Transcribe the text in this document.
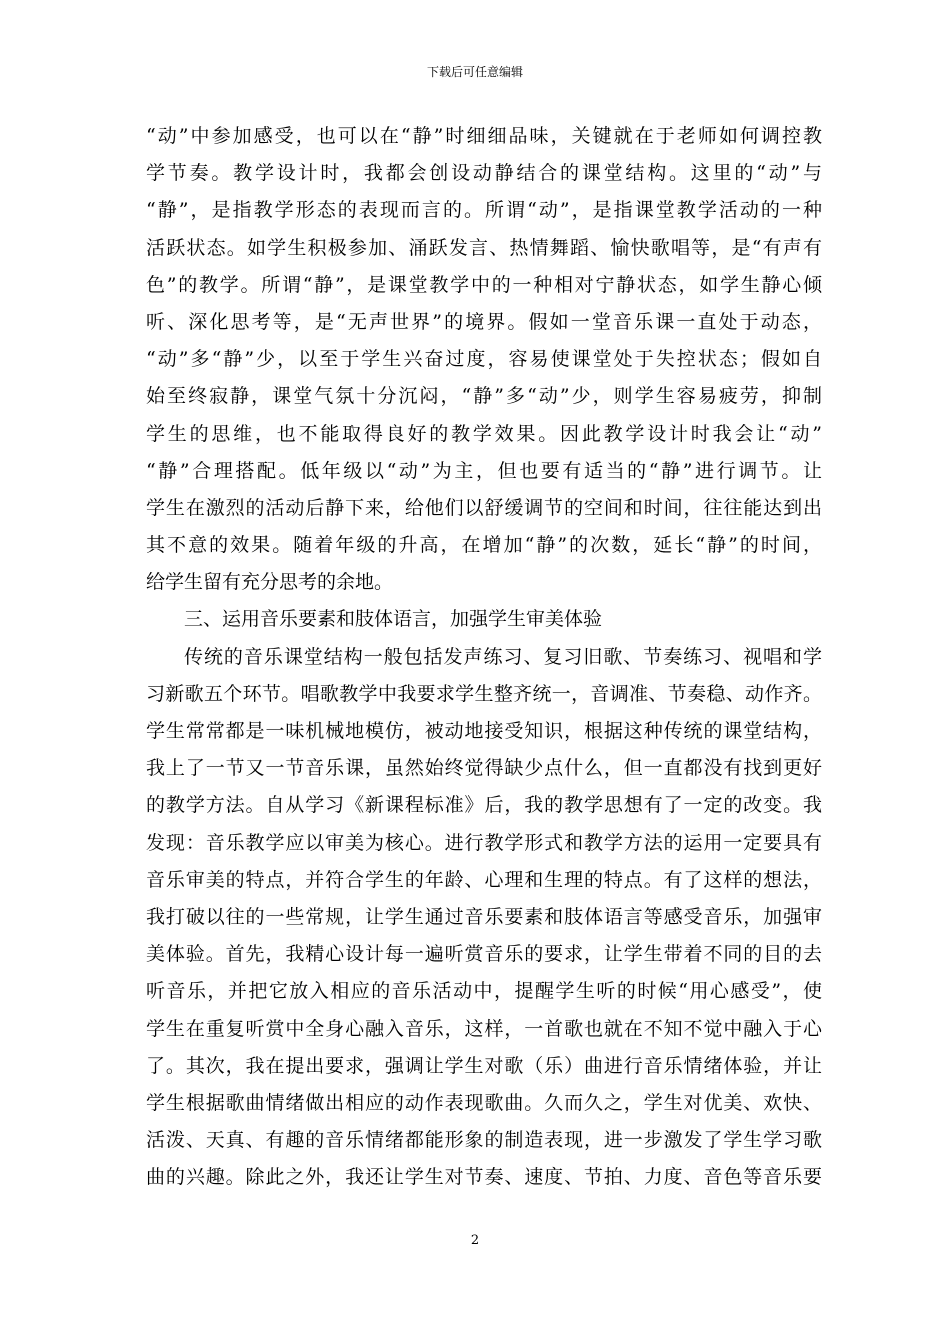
下载后可任意编辑
“动”中参加感受，也可以在“静”时细细品味，关键就在于老师如何调控教
学节奏。教学设计时，我都会创设动静结合的课堂结构。这里的“动”与
“静”，是指教学形态的表现而言的。所谓“动”，是指课堂教学活动的一种
活跃状态。如学生积极参加、涌跃发言、热情舞蹈、愉快歌唱等，是“有声有
色”的教学。所谓“静”，是课堂教学中的一种相对宁静状态，如学生静心倾
听、深化思考等，是“无声世界”的境界。假如一堂音乐课一直处于动态，
“动”多“静”少，以至于学生兴奋过度，容易使课堂处于失控状态；假如自
始至终寂静，课堂气氛十分沉闷，“静”多“动”少，则学生容易疲劳，抑制
学生的思维，也不能取得良好的教学效果。因此教学设计时我会让“动”
“静”合理搭配。低年级以“动”为主，但也要有适当的“静”进行调节。让
学生在激烈的活动后静下来，给他们以舒缓调节的空间和时间，往往能达到出
其不意的效果。随着年级的升高，在增加“静”的次数，延长“静”的时间，
给学生留有充分思考的余地。
三、运用音乐要素和肢体语言，加强学生审美体验
传统的音乐课堂结构一般包括发声练习、复习旧歌、节奏练习、视唱和学
习新歌五个环节。唱歌教学中我要求学生整齐统一，音调准、节奏稳、动作齐。
学生常常都是一味机械地模仿，被动地接受知识，根据这种传统的课堂结构，
我上了一节又一节音乐课，虽然始终觉得缺少点什么，但一直都没有找到更好
的教学方法。自从学习《新课程标准》后，我的教学思想有了一定的改变。我
发现：音乐教学应以审美为核心。进行教学形式和教学方法的运用一定要具有
音乐审美的特点，并符合学生的年龄、心理和生理的特点。有了这样的想法，
我打破以往的一些常规，让学生通过音乐要素和肢体语言等感受音乐，加强审
美体验。首先，我精心设计每一遍听赏音乐的要求，让学生带着不同的目的去
听音乐，并把它放入相应的音乐活动中，提醒学生听的时候“用心感受”，使
学生在重复听赏中全身心融入音乐，这样，一首歌也就在不知不觉中融入于心
了。其次，我在提出要求，强调让学生对歌（乐）曲进行音乐情绪体验，并让
学生根据歌曲情绪做出相应的动作表现歌曲。久而久之，学生对优美、欢快、
活泼、天真、有趣的音乐情绪都能形象的制造表现，进一步激发了学生学习歌
曲的兴趣。除此之外，我还让学生对节奏、速度、节拍、力度、音色等音乐要
2
